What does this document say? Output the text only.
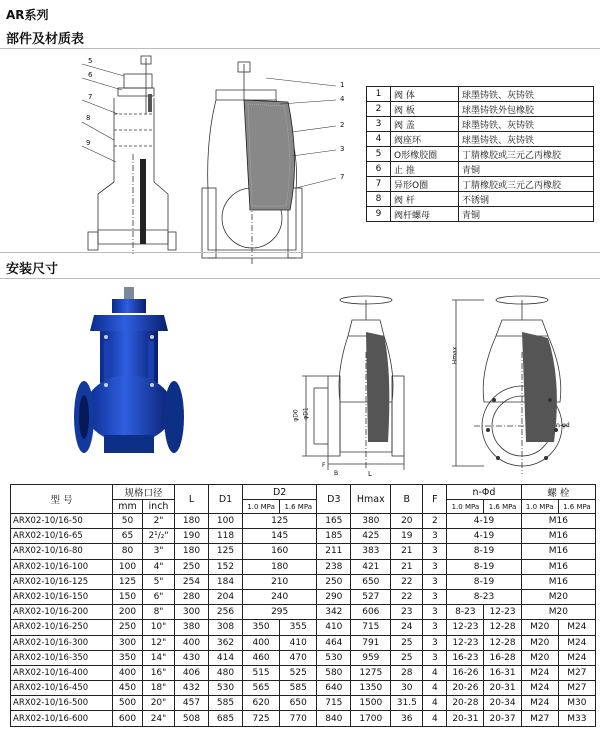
AR系列
部件及材质表
5
6
7
8
9
1
4
2
3
7
1	阀 体	球墨铸铁、灰铸铁
2	阀 板	球墨铸铁外包橡胶
3	阀 盖	球墨铸铁、灰铸铁
4	阀座环	球墨铸铁、灰铸铁
5	O形橡胶圈	丁腈橡胶或三元乙丙橡胶
6	止 推	青铜
7	异形O圈	丁腈橡胶或三元乙丙橡胶
8	阀 杆	不锈钢
9	阀杆螺母	青铜
安装尺寸
φD0 φD1
L
F
B
Hmax
n-φd
型 号	规格口径		L	D1	D2		D3	Hmax	B	F	n-Φd		螺 栓	
	mm	inch			1.0 MPa	1.6 MPa					1.0 MPa	1.6 MPa	1.0 MPa	1.6 MPa
ARX02-10/16-50	50	2"	180	100	125		165	380	20	2	4-19		M16	
ARX02-10/16-65	65	2¹/₂"	190	118	145		185	425	19	3	4-19		M16	
ARX02-10/16-80	80	3"	180	125	160		211	383	21	3	8-19		M16	
ARX02-10/16-100	100	4"	250	152	180		238	421	21	3	8-19		M16	
ARX02-10/16-125	125	5"	254	184	210		250	650	22	3	8-19		M16	
ARX02-10/16-150	150	6"	280	204	240		290	527	22	3	8-23		M20	
ARX02-10/16-200	200	8"	300	256	295		342	606	23	3	8-23	12-23	M20	
ARX02-10/16-250	250	10"	380	308	350	355	410	715	24	3	12-23	12-28	M20	M24
ARX02-10/16-300	300	12"	400	362	400	410	464	791	25	3	12-23	12-28	M20	M24
ARX02-10/16-350	350	14"	430	414	460	470	530	959	25	3	16-23	16-28	M20	M24
ARX02-10/16-400	400	16"	406	480	515	525	580	1275	28	4	16-26	16-31	M24	M27
ARX02-10/16-450	450	18"	432	530	565	585	640	1350	30	4	20-26	20-31	M24	M27
ARX02-10/16-500	500	20"	457	585	620	650	715	1500	31.5	4	20-28	20-34	M24	M30
ARX02-10/16-600	600	24"	508	685	725	770	840	1700	36	4	20-31	20-37	M27	M33
